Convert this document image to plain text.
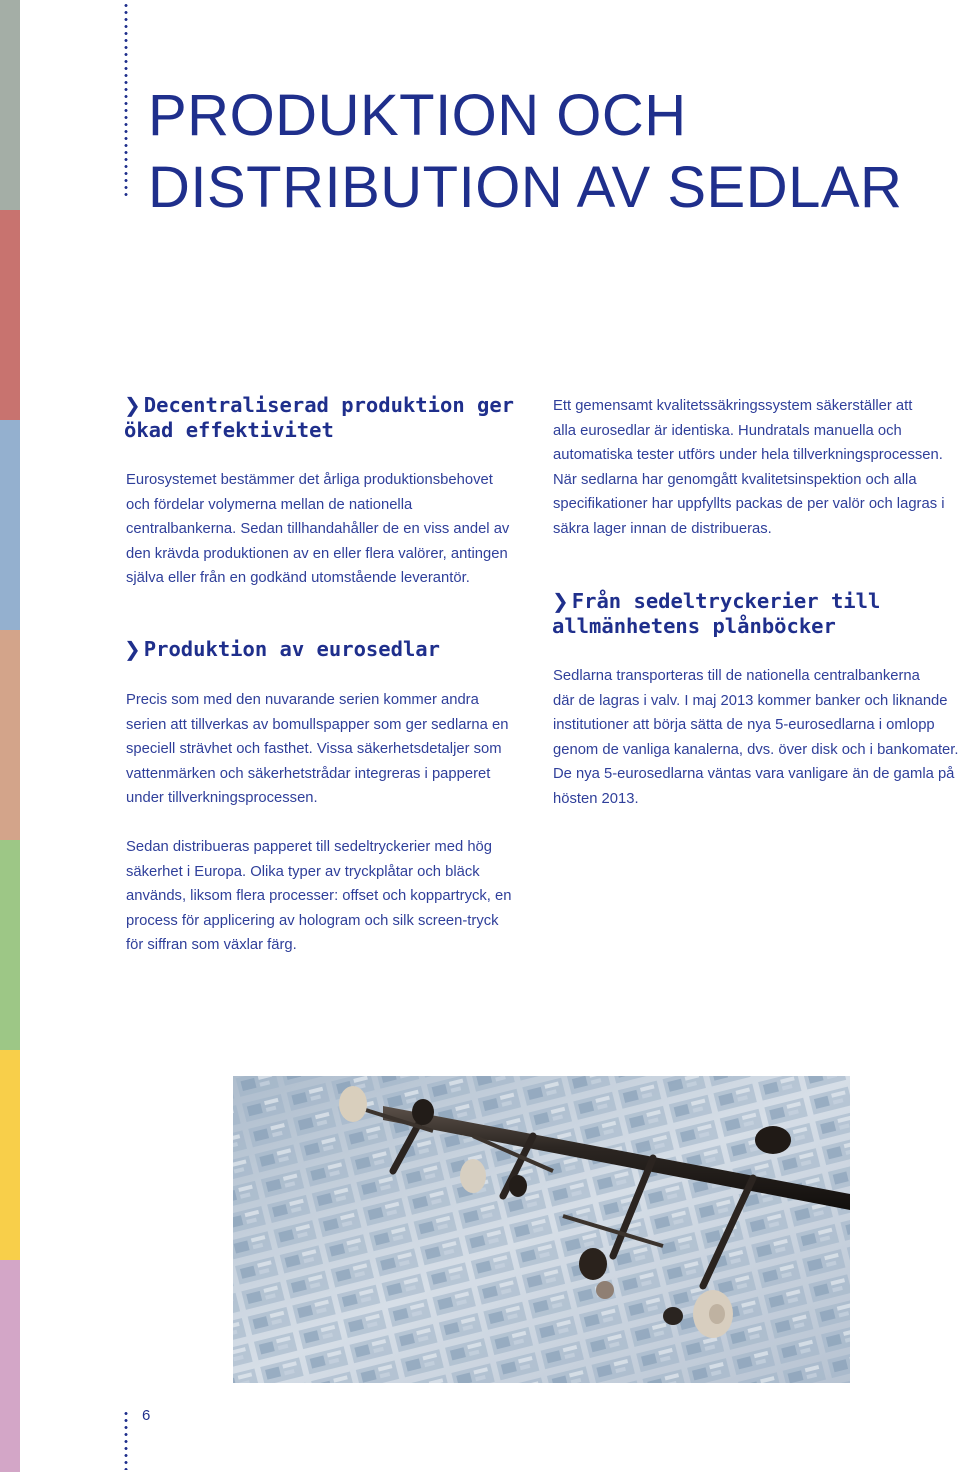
PRODUKTION OCH
DISTRIBUTION AV SEDLAR
❯ Decentraliserad produktion ger
ökad effektivitet

Eurosystemet bestämmer det årliga produktionsbehovet
och fördelar volymerna mellan de nationella
centralbankerna. Sedan tillhandahåller de en viss andel av
den krävda produktionen av en eller flera valörer, antingen
själva eller från en godkänd utomstående leverantör.

❯ Produktion av eurosedlar

Precis som med den nuvarande serien kommer andra
serien att tillverkas av bomullspapper som ger sedlarna en
speciell strävhet och fasthet. Vissa säkerhetsdetaljer som
vattenmärken och säkerhetstrådar integreras i papperet
under tillverkningsprocessen.

Sedan distribueras papperet till sedeltryckerier med hög
säkerhet i Europa. Olika typer av tryckplåtar och bläck
används, liksom flera processer: offset och koppartryck, en
process för applicering av hologram och silk screen-tryck
för siffran som växlar färg.

Ett gemensamt kvalitetssäkringssystem säkerställer att
alla eurosedlar är identiska. Hundratals manuella och
automatiska tester utförs under hela tillverkningsprocessen.
När sedlarna har genomgått kvalitetsinspektion och alla
specifikationer har uppfyllts packas de per valör och lagras i
säkra lager innan de distribueras.

❯ Från sedeltryckerier till
allmänhetens plånböcker

Sedlarna transporteras till de nationella centralbankerna
där de lagras i valv. I maj 2013 kommer banker och liknande
institutioner att börja sätta de nya 5-eurosedlarna i omlopp
genom de vanliga kanalerna, dvs. över disk och i bankomater.
De nya 5-eurosedlarna väntas vara vanligare än de gamla på
hösten 2013.

6
